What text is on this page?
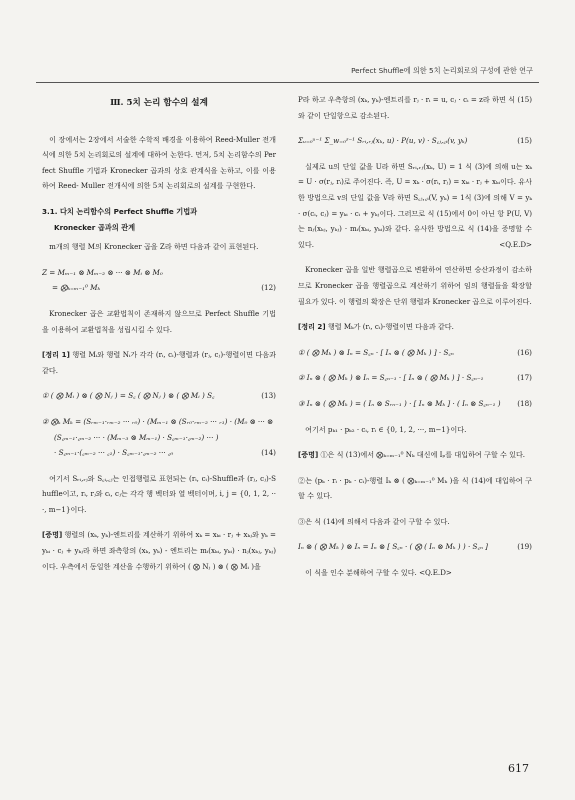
Perfect Shuffle에 의한 5치 논리회로의 구성에 관한 연구
Ⅲ. 5치 논리 함수의 설계

이 장에서는 2장에서 서술한 수학적 배경을 이용하여 Reed-Muller 전개식에 의한 5치 논리회로의 설계에 대하여 논한다. 먼저, 5치 논리함수의 Perfect Shuffle 기법과 Kronecker 곱과의 상호 관계식을 논하고, 이를 이용하여 Reed- Muller 전개식에 의한 5치 논리회로의 설계를 구현한다.

3.1. 다치 논리함수의 Perfect Shuffle 기법과
Kronecker 곱과의 관계

m개의 행렬 M의 Kronecker 곱을 Z라 하면 다음과 같이 표현된다.

Z = Mₘ₋₁ ⊗ Mₘ₋₂ ⊗ ··· ⊗ Mᵢ ⊗ M₀
= ⨂ₖ₌ₘ₋₁⁰ Mₖ	(12)

Kronecker 곱은 교환법칙이 존재하지 않으므로 Perfect Shuffle 기법을 이용하여 교환법칙을 성립시킬 수 있다.

[정리 1] 행렬 Mᵢ와 행렬 Nᵢ가 각각 (rᵢ, cᵢ)-행렬과 (rⱼ, cⱼ)-행렬이면 다음과 같다.

① ( ⨂ Mᵢ ) ⊗ ( ⨂ Nⱼ ) = S꜀ ( ⨂ Nⱼ ) ⊗ ( ⨂ Mᵢ ) S꜀	(13)
② ⨂ₖ Mₖ = (Sᵣₘ₋₁·ᵣₘ₋₂ ··· ᵣ₀) · (Mₘ₋₁ ⊗ (Sᵣ₀·ᵣₘ₋₂ ··· ᵣ₁) · (M₀ ⊗ ··· ⊗
(S꜀ₘ₋₁·꜀ₘ₋₂ ··· · (Mₘ₋₃ ⊗ Mₘ₋₁) · S꜀ₘ₋₁·꜀ₘ₋₂) ··· )
· S꜀ₘ₋₁·(꜀ₘ₋₂ ··· ꜀₁) · S꜀ₘ₋₁·꜀ₘ₋₂ ··· ꜀₀	(14)

여기서 Sᵣᵢ,ᵣⱼ와 S꜀ᵢ,꜀ⱼ는 인접행렬로 표현되는 (rᵢ, cᵢ)-Shuffle과 (rⱼ, cⱼ)-Shuffle이고, rᵢ, rⱼ와 cᵢ, cⱼ는 각각 행 벡터와 열 벡터이며, i, j = {0, 1, 2, ···, m−1}이다.

[증명] 행렬의 (xₖ, yₖ)-엔트리를 계산하기 위하여 xₖ = xₖᵢ · rⱼ + xₖⱼ와 yₖ = yₖᵢ · cⱼ + yₖⱼ라 하면 좌측항의 (xₖ, yₖ) - 엔트리는 mᵢ(xₖᵢ, yₖᵢ) · nⱼ(xₖⱼ, yₖⱼ)이다. 우측에서 동일한 계산을 수행하기 위하여 ( ⨂ Nⱼ ) ⊗ ( ⨂ Mᵢ )을

P라 하고 우측항의 (xₖ, yₖ)-엔트리를 rⱼ · rᵢ = u, cⱼ · cᵢ = z라 하면 식 (15)와 같이 단일항으로 감소된다.

Σᵤ₌₀ᵘ⁻¹ Σ_w₌₀ᶻ⁻¹ Sᵣᵢ,ᵣⱼ(xₖ, u) · P(u, v) · S꜀ⱼ,꜀ᵢ(v, yₖ)	(15)

실제로 u의 단일 값을 U라 하면 Sᵣᵢ,ᵣⱼ(xₖ, U) = 1 식 (3)에 의해 u는 xₖ = U · σ(rⱼ, rᵢ)로 주어진다. 즉, U = xₖ · σ(rᵢ, rⱼ) = xₖᵢ · rⱼ + xₖᵢ이다. 유사한 방법으로 v의 단일 값을 V라 하면 S꜀ⱼ,꜀ᵢ(V, yₖ) = 1식 (3)에 의해 V = yₖ · σ(cᵢ, cⱼ) = yₖᵢ · cᵢ + yₖⱼ이다. 그러므로 식 (15)에서 0이 아닌 항 P(U, V)는 nⱼ(xₖⱼ, yₖⱼ) · mᵢ(xₖᵢ, yₖᵢ)와 같다. 유사한 방법으로 식 (14)을 증명할 수 있다.	<Q.E.D>

Kronecker 곱을 일반 행렬곱으로 변환하여 연산하면 승산과정이 감소하므로 Kronecker 곱을 행렬곱으로 계산하기 위하여 임의 행렬들을 확장할 필요가 있다. 이 행렬의 확장은 단위 행렬과 Kronecker 곱으로 이루어진다.

[정리 2] 행렬 Mₖ가 (rᵢ, cᵢ)-행렬이면 다음과 같다.

① ( ⨂ Mₖ ) ⊗ Iₙ = S꜀ₙ · [ Iₙ ⊗ ( ⨂ Mₖ ) ] · S꜀ₙ	(16)
② Iₙ ⊗ ( ⨂ Mₖ ) ⊗ Iₙ = S꜀ₙ₋₁ · [ Iₙ ⊗ ( ⨂ Mₖ ) ] · S꜀ₙ₋₁	(17)
③ Iₙ ⊗ ( ⨂ Mₖ ) = ( Iₙ ⊗ Sᵣₙ₋₁ ) · [ Iₙ ⊗ Mₖ ] · ( Iₙ ⊗ S꜀ₙ₋₁ )	(18)

여기서 pₖ₁ · pₖ₂ · cᵢ, rᵢ ∈ {0, 1, 2, ···, m−1}이다.

[증명] ①은 식 (13)에서 ⨂ₖ₌ₘ₋₁⁰ Nₖ 대신에 Iₚ를 대입하여 구할 수 있다.

②는 (pₖ · rᵢ · pₖ · cᵢ)-행렬 Iₖ ⊗ ( ⨂ₖ₌ₘ₋₁⁰ Mₖ )을 식 (14)에 대입하여 구할 수 있다.

③은 식 (14)에 의해서 다음과 같이 구할 수 있다.

Iₙ ⊗ ( ⨂ Mₖ ) ⊗ Iₙ = Iₙ ⊗ [ S꜀ₙ · ( ⨂ ( Iₙ ⊗ Mₖ ) ) · S꜀ₙ ]	(19)

이 식을 인수 분해하여 구할 수 있다. <Q.E.D>

617
